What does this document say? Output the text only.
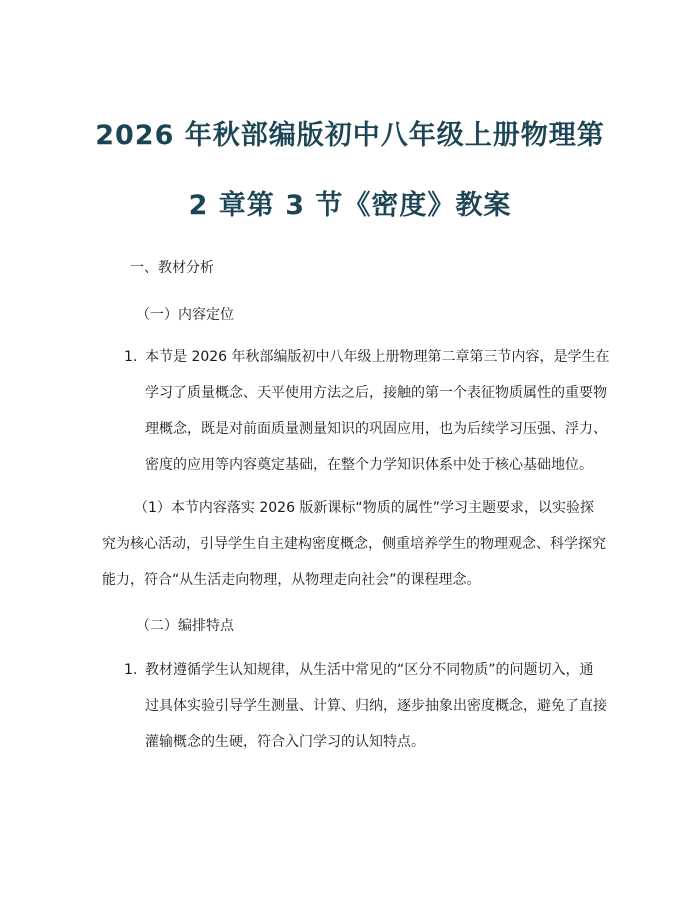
2026 年秋部编版初中八年级上册物理第
2 章第 3 节《密度》教案
一、教材分析
（一）内容定位
1. 本节是 2026 年秋部编版初中八年级上册物理第二章第三节内容，是学生在
学习了质量概念、天平使用方法之后，接触的第一个表征物质属性的重要物
理概念，既是对前面质量测量知识的巩固应用，也为后续学习压强、浮力、
密度的应用等内容奠定基础，在整个力学知识体系中处于核心基础地位。
（1）本节内容落实 2026 版新课标“物质的属性”学习主题要求，以实验探
究为核心活动，引导学生自主建构密度概念，侧重培养学生的物理观念、科学探究
能力，符合“从生活走向物理，从物理走向社会”的课程理念。
（二）编排特点
1. 教材遵循学生认知规律，从生活中常见的“区分不同物质”的问题切入，通
过具体实验引导学生测量、计算、归纳，逐步抽象出密度概念，避免了直接
灌输概念的生硬，符合入门学习的认知特点。
